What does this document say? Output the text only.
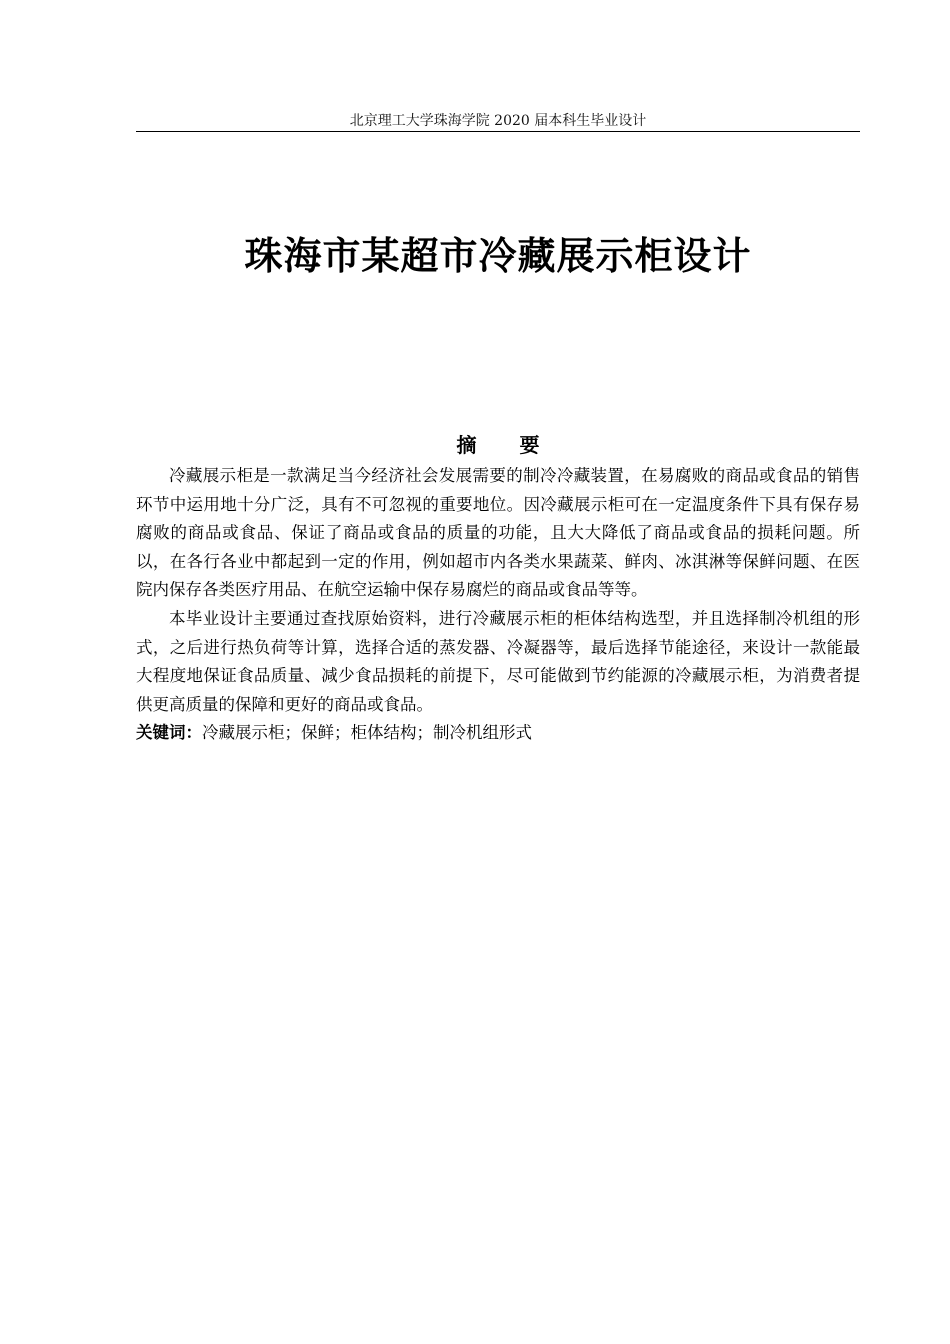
北京理工大学珠海学院 2020 届本科生毕业设计
珠海市某超市冷藏展示柜设计
摘 要

冷藏展示柜是一款满足当今经济社会发展需要的制冷冷藏装置，在易腐败的商品或食品的销售环节中运用地十分广泛，具有不可忽视的重要地位。因冷藏展示柜可在一定温度条件下具有保存易腐败的商品或食品、保证了商品或食品的质量的功能，且大大降低了商品或食品的损耗问题。所以，在各行各业中都起到一定的作用，例如超市内各类水果蔬菜、鲜肉、冰淇淋等保鲜问题、在医院内保存各类医疗用品、在航空运输中保存易腐烂的商品或食品等等。

本毕业设计主要通过查找原始资料，进行冷藏展示柜的柜体结构选型，并且选择制冷机组的形式，之后进行热负荷等计算，选择合适的蒸发器、冷凝器等，最后选择节能途径，来设计一款能最大程度地保证食品质量、减少食品损耗的前提下，尽可能做到节约能源的冷藏展示柜，为消费者提供更高质量的保障和更好的商品或食品。

关键词：冷藏展示柜；保鲜；柜体结构；制冷机组形式
